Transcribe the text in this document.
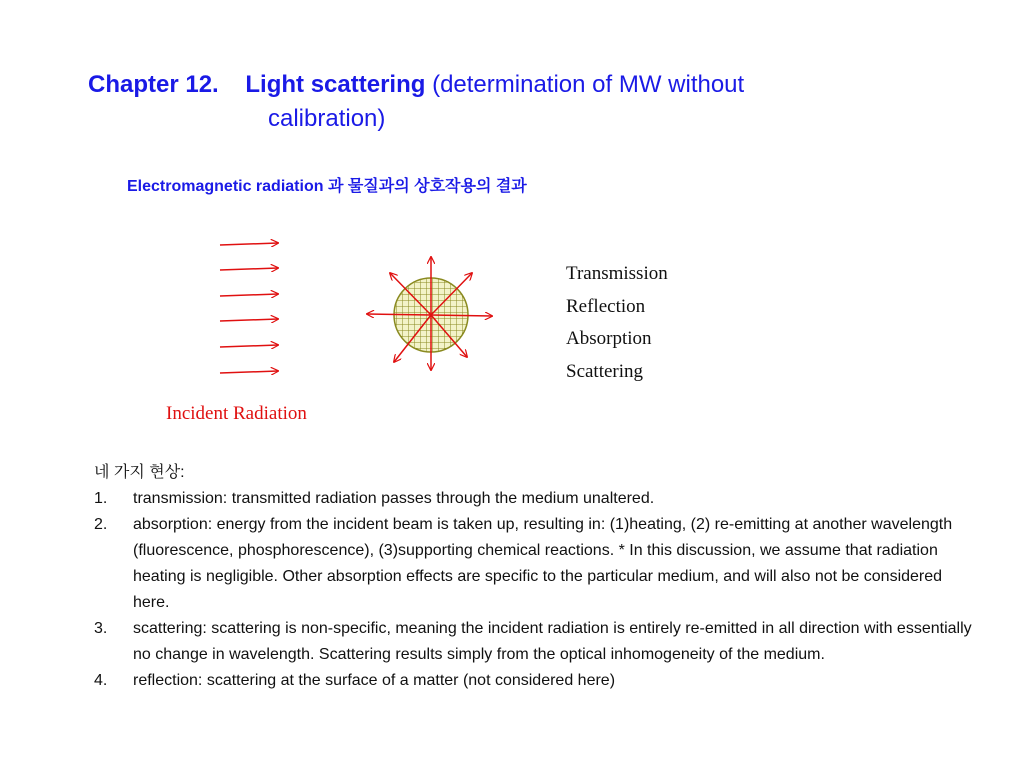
Chapter 12. Light scattering (determination of MW without
calibration)
Electromagnetic radiation 과 물질과의 상호작용의 결과
Transmission
Reflection
Absorption
Scattering
Incident Radiation
네 가지 현상:
1.	transmission: transmitted radiation passes through the medium unaltered.
2.	absorption: energy from the incident beam is taken up, resulting in: (1)heating, (2) re-emitting at another wavelength (fluorescence, phosphorescence), (3)supporting chemical reactions. * In this discussion, we assume that radiation heating is negligible. Other absorption effects are specific to the particular medium, and will also not be considered here.
3.	scattering: scattering is non-specific, meaning the incident radiation is entirely re-emitted in all direction with essentially no change in wavelength. Scattering results simply from the optical inhomogeneity of the medium.
4.	reflection: scattering at the surface of a matter (not considered here)
